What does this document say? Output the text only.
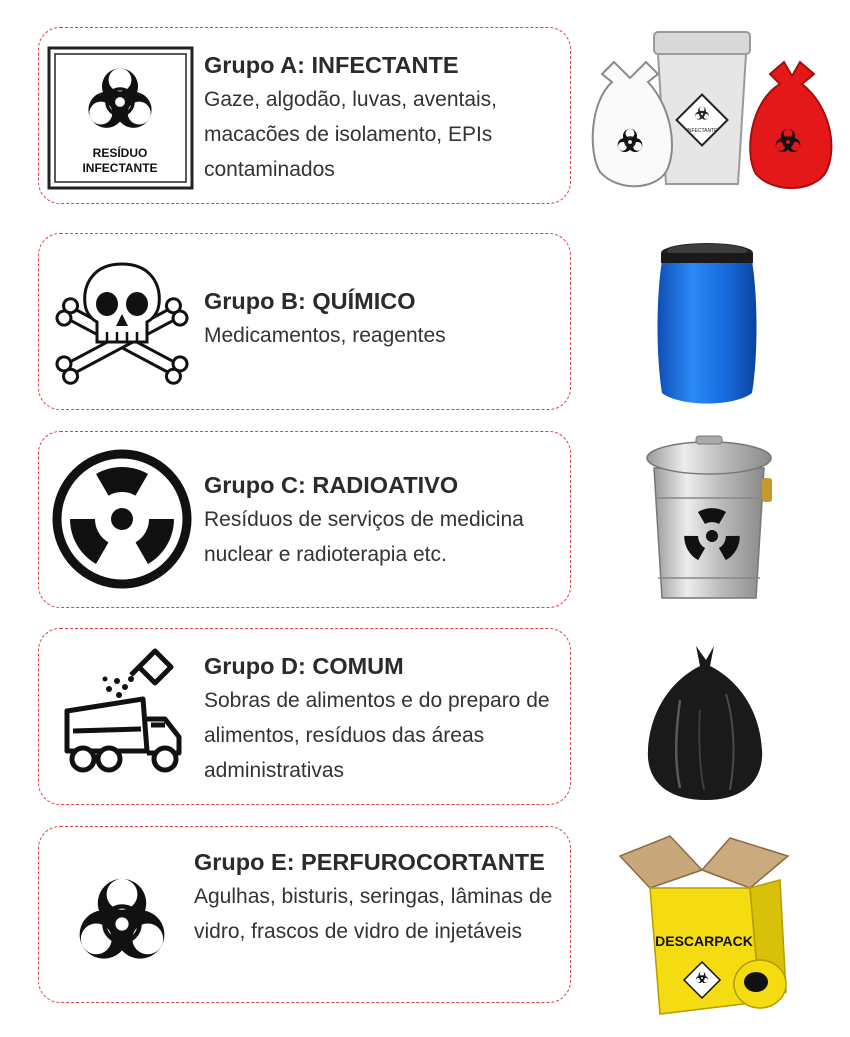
RESÍDUO
INFECTANTE
Grupo A: INFECTANTE
Gaze, algodão, luvas, aventais, macacões de isolamento, EPIs contaminados
Grupo B: QUÍMICO
Medicamentos, reagentes
Grupo C: RADIOATIVO
Resíduos de serviços de medicina nuclear e radioterapia etc.
Grupo D: COMUM
Sobras de alimentos e do preparo de alimentos, resíduos das áreas administrativas
Grupo E: PERFUROCORTANTE
Agulhas, bisturis, seringas, lâminas de vidro, frascos de vidro de injetáveis
INFECTANTE
DESCARPACK
